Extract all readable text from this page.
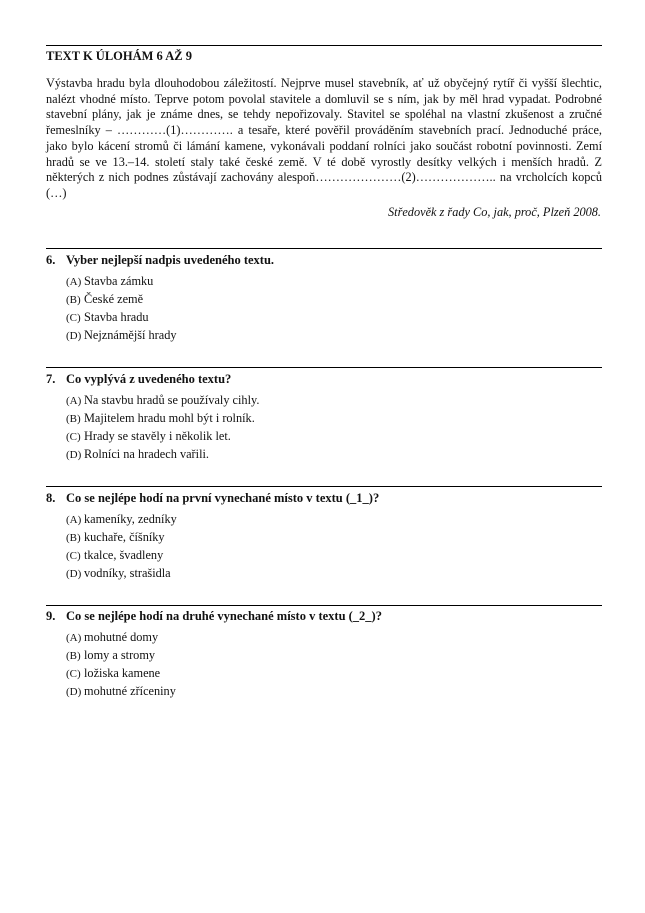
TEXT K ÚLOHÁM 6 AŽ 9
Výstavba hradu byla dlouhodobou záležitostí. Nejprve musel stavebník, ať už obyčejný rytíř či vyšší šlechtic, nalézt vhodné místo. Teprve potom povolal stavitele a domluvil se s ním, jak by měl hrad vypadat. Podrobné stavební plány, jak je známe dnes, se tehdy nepořizovaly. Stavitel se spoléhal na vlastní zkušenost a zručné řemeslníky – …………(1)…………. a tesaře, které pověřil prováděním stavebních prací. Jednoduché práce, jako bylo kácení stromů či lámání kamene, vykonávali poddaní rolníci jako součást robotní povinnosti. Zemí hradů se ve 13.–14. století staly také české země. V té době vyrostly desítky velkých i menších hradů. Z některých z nich podnes zůstávají zachovány alespoň…………………(2)……………….. na vrcholcích kopců (…)
Středověk z řady Co, jak, proč, Plzeň 2008.
6. Vyber nejlepší nadpis uvedeného textu.
(A) Stavba zámku
(B) České země
(C) Stavba hradu
(D) Nejznámější hrady
7. Co vyplývá z uvedeného textu?
(A) Na stavbu hradů se používaly cihly.
(B) Majitelem hradu mohl být i rolník.
(C) Hrady se stavěly i několik let.
(D) Rolníci na hradech vařili.
8. Co se nejlépe hodí na první vynechané místo v textu (_1_)?
(A) kameníky, zedníky
(B) kuchaře, číšníky
(C) tkalce, švadleny
(D) vodníky, strašidla
9. Co se nejlépe hodí na druhé vynechané místo v textu (_2_)?
(A) mohutné domy
(B) lomy a stromy
(C) ložiska kamene
(D) mohutné zříceniny
